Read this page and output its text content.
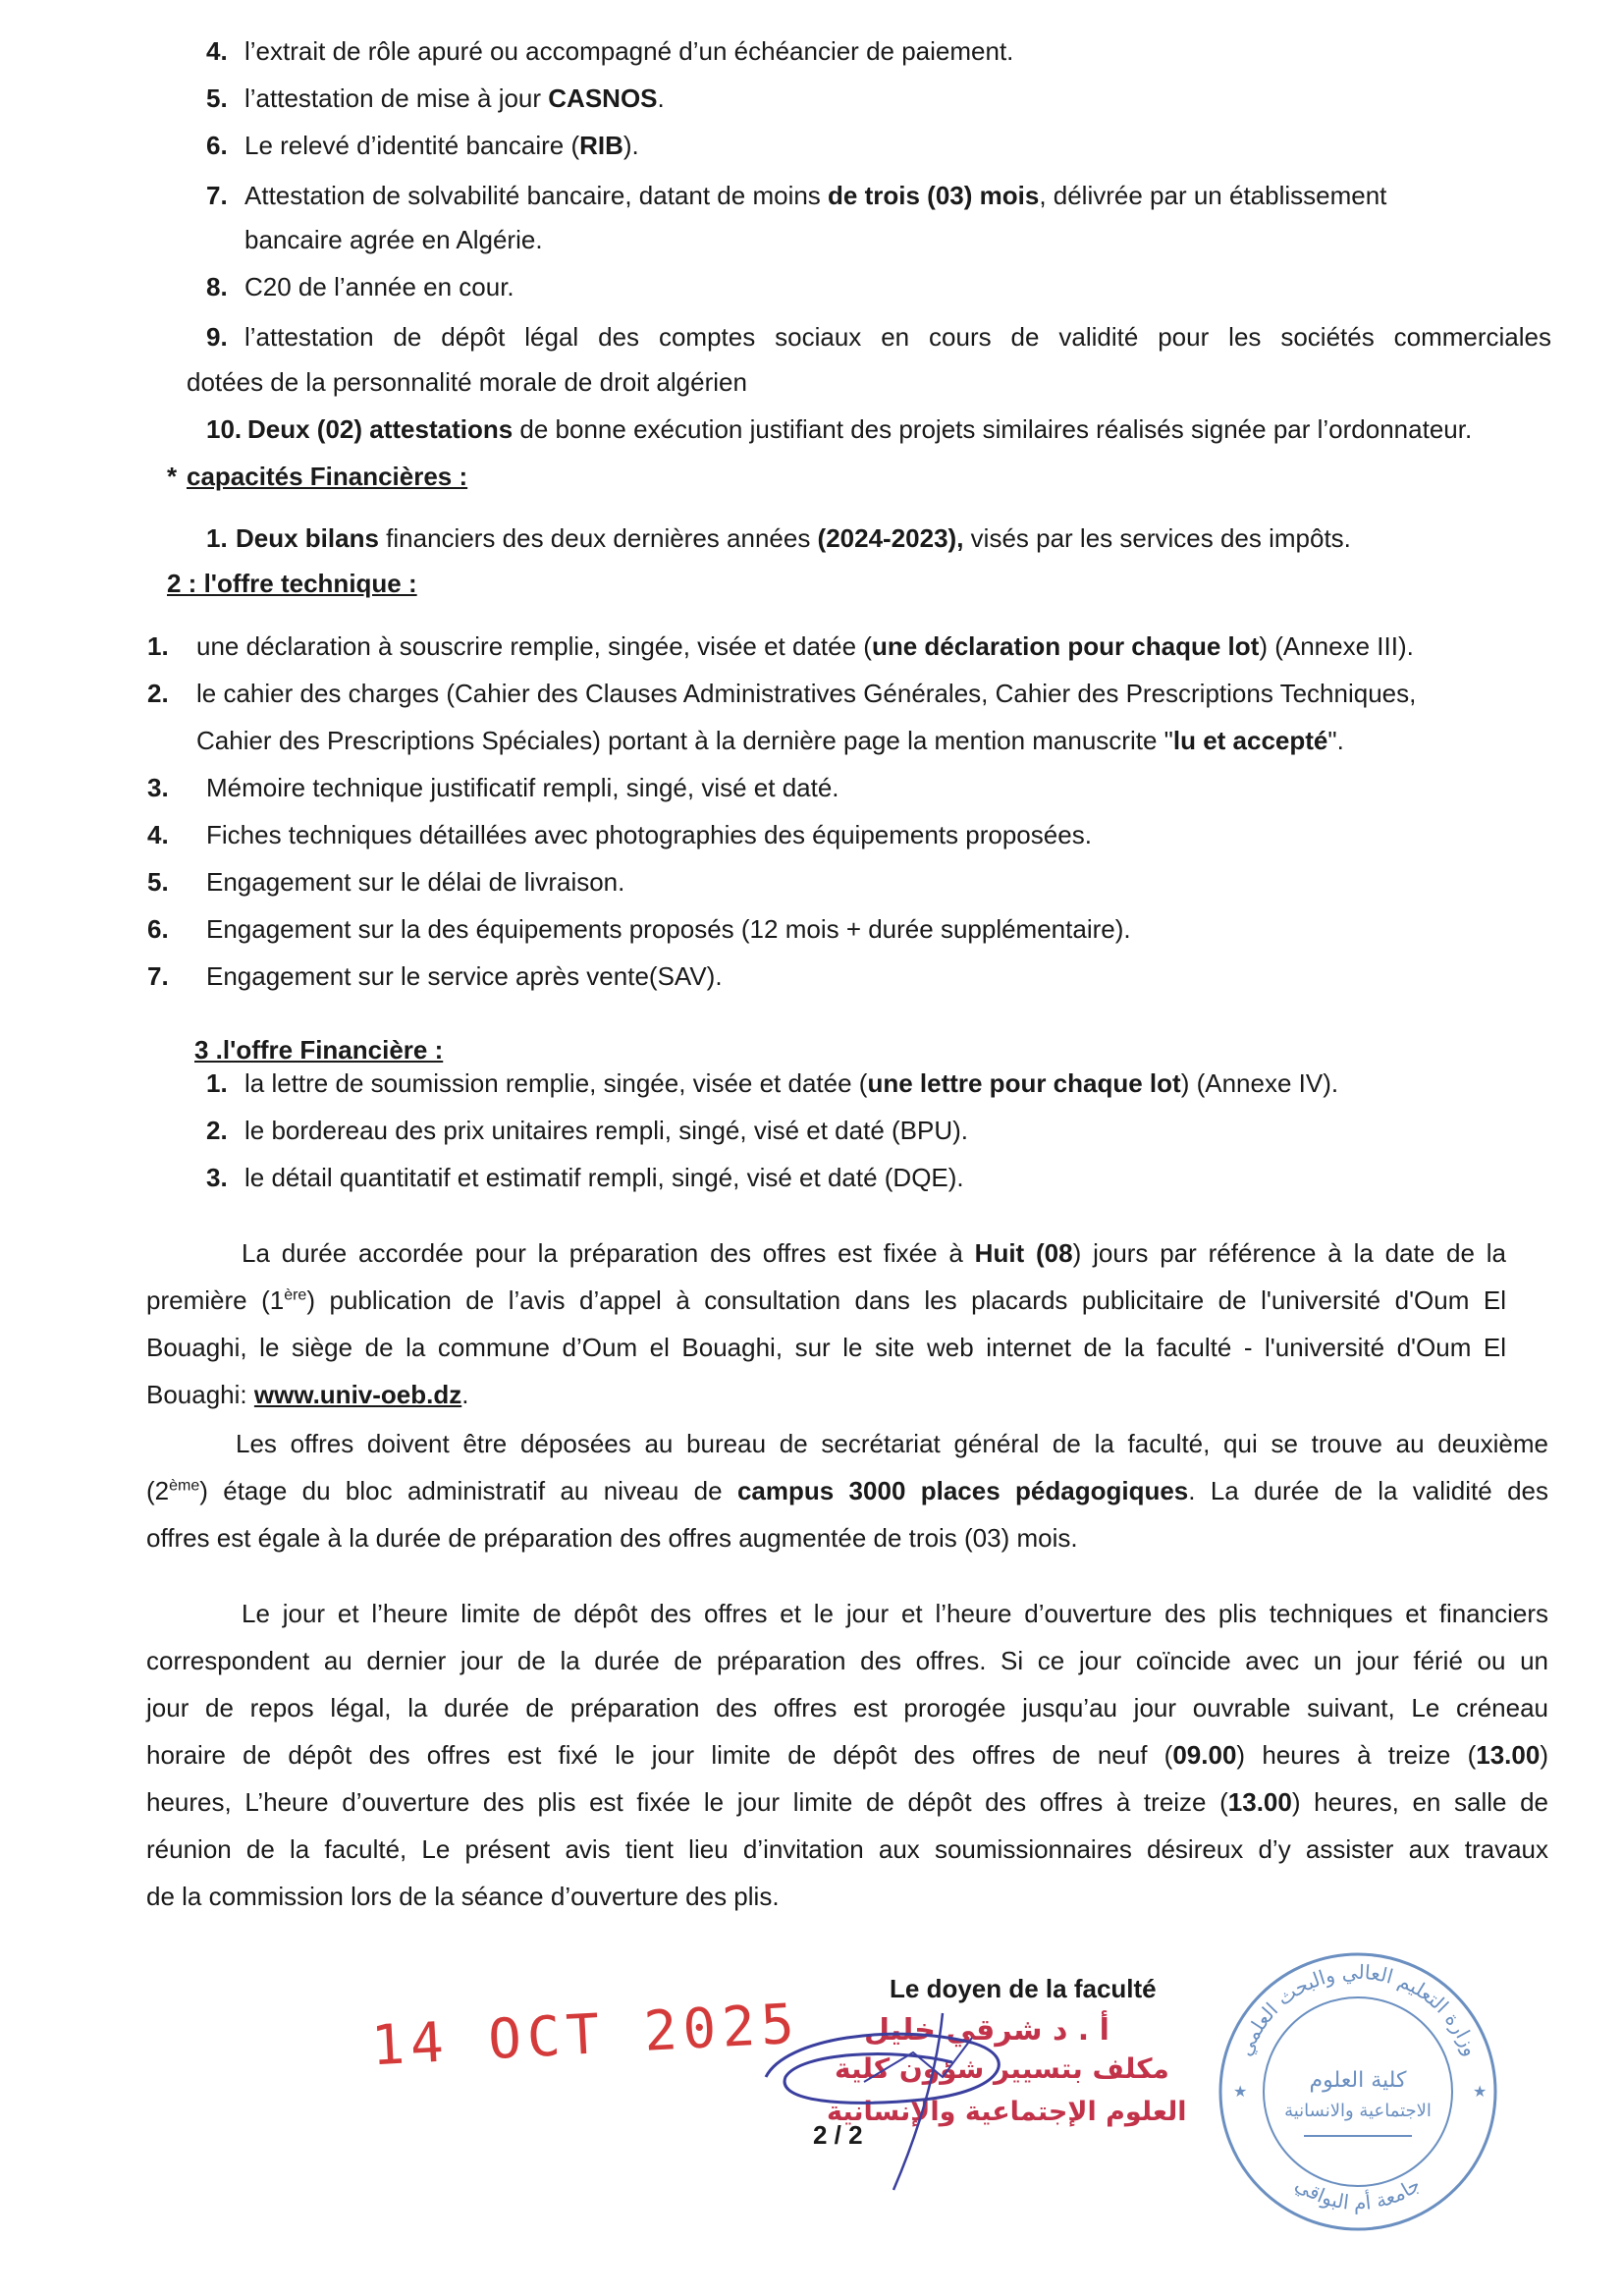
4. l’extrait de rôle apuré ou accompagné d’un échéancier de paiement.
5. l’attestation de mise à jour CASNOS.
6. Le relevé d’identité bancaire (RIB).
7. Attestation de solvabilité bancaire, datant de moins de trois (03) mois, délivrée par un établissement
bancaire agrée en Algérie.
8. C20 de l’année en cour.
9. l’attestation de dépôt légal des comptes sociaux en cours de validité pour les sociétés commerciales
dotées de la personnalité morale de droit algérien
10. Deux (02) attestations de bonne exécution justifiant des projets similaires réalisés signée par l’ordonnateur.
* capacités Financières :
1. Deux bilans financiers des deux dernières années (2024-2023), visés par les services des impôts.
2 : l'offre technique :
1. une déclaration à souscrire remplie, singée, visée et datée (une déclaration pour chaque lot) (Annexe III).
2. le cahier des charges (Cahier des Clauses Administratives Générales, Cahier des Prescriptions Techniques,
Cahier des Prescriptions Spéciales) portant à la dernière page la mention manuscrite "lu et accepté".
3. Mémoire technique justificatif rempli, singé, visé et daté.
4. Fiches techniques détaillées avec photographies des équipements proposées.
5. Engagement sur le délai de livraison.
6. Engagement sur la des équipements proposés (12 mois + durée supplémentaire).
7. Engagement sur le service après vente(SAV).
3 .l'offre Financière :
1. la lettre de soumission remplie, singée, visée et datée (une lettre pour chaque lot) (Annexe IV).
2. le bordereau des prix unitaires rempli, singé, visé et daté (BPU).
3. le détail quantitatif et estimatif rempli, singé, visé et daté (DQE).
La durée accordée pour la préparation des offres est fixée à Huit (08) jours par référence à la date de la
première (1ère) publication de l’avis d’appel à consultation dans les placards publicitaire de l'université d'Oum El
Bouaghi, le siège de la commune d’Oum el Bouaghi, sur le site web internet de la faculté - l'université d'Oum El
Bouaghi: www.univ-oeb.dz.
Les offres doivent être déposées au bureau de secrétariat général de la faculté, qui se trouve au deuxième
(2ème) étage du bloc administratif au niveau de campus 3000 places pédagogiques. La durée de la validité des
offres est égale à la durée de préparation des offres augmentée de trois (03) mois.
Le jour et l’heure limite de dépôt des offres et le jour et l’heure d’ouverture des plis techniques et financiers
correspondent au dernier jour de la durée de préparation des offres. Si ce jour coïncide avec un jour férié ou un
jour de repos légal, la durée de préparation des offres est prorogée jusqu’au jour ouvrable suivant, Le créneau
horaire de dépôt des offres est fixé le jour limite de dépôt des offres de neuf (09.00) heures à treize (13.00)
heures, L’heure d’ouverture des plis est fixée le jour limite de dépôt des offres à treize (13.00) heures, en salle de
réunion de la faculté, Le présent avis tient lieu d’invitation aux soumissionnaires désireux d’y assister aux travaux
de la commission lors de la séance d’ouverture des plis.
Le doyen de la faculté
14 OCT 2025 أ . د شرقي خليل
مكلف بتسيير شؤون كلية
العلوم الإجتماعية والإنسانية
2 / 2
وزارة التعليم العالي والبحث العلمي
جامعة أم البواقي
كلية العلوم
الاجتماعية والانسانية
★	★
